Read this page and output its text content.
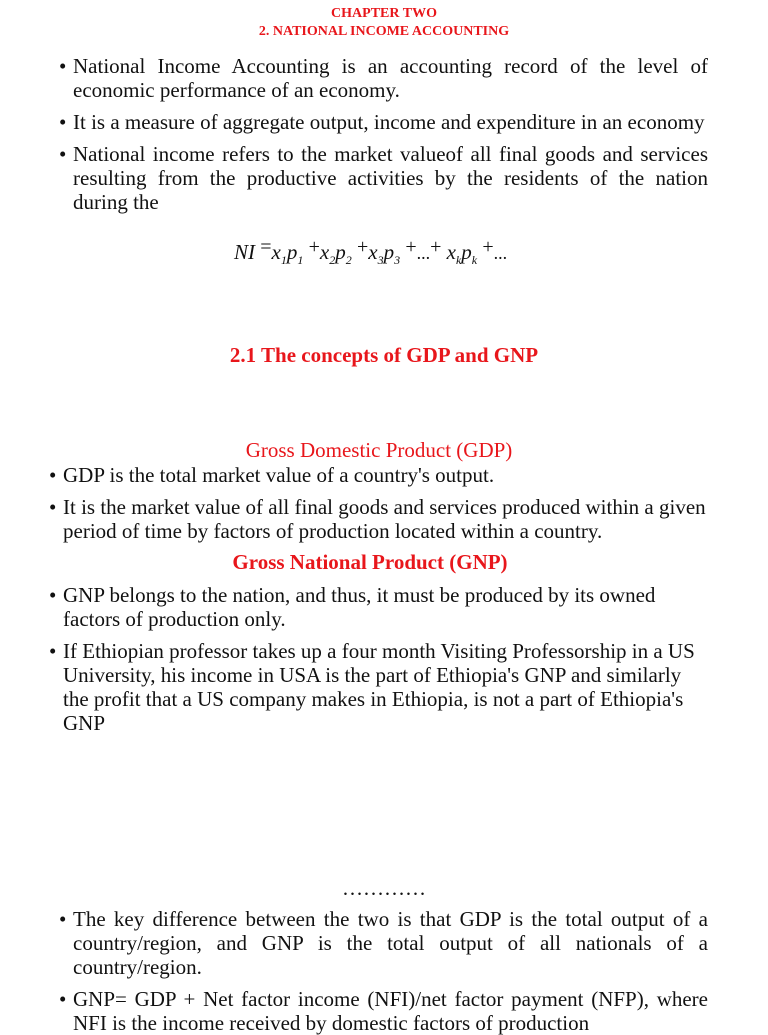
CHAPTER TWO
2. NATIONAL INCOME ACCOUNTING
• National Income Accounting is an accounting record of the level of economic performance of an economy.
• It is a measure of aggregate output, income and expenditure in an economy
• National income refers to the market valueof all final goods and services resulting from the productive activities by the residents of the nation during the
NI $=x_1p_1 +x_2p_2 +x_3p_3$ +...+ $x_kp_k$ +...
2.1 The concepts of GDP and GNP
Gross Domestic Product (GDP)
• GDP is the total market value of a country's output.
• It is the market value of all final goods and services produced within a given period of time by factors of production located within a country.
Gross National Product (GNP)
• GNP belongs to the nation, and thus, it must be produced by its owned factors of production only.
• If Ethiopian professor takes up a four month Visiting Professorship in a US University, his income in USA is the part of Ethiopia's GNP and similarly the profit that a US company makes in Ethiopia, is not a part of Ethiopia's GNP
…………
• The key difference between the two is that GDP is the total output of a country/region, and GNP is the total output of all nationals of a country/region.
• GNP= GDP + Net factor income (NFI)/net factor payment (NFP), where NFI is the income received by domestic factors of production
